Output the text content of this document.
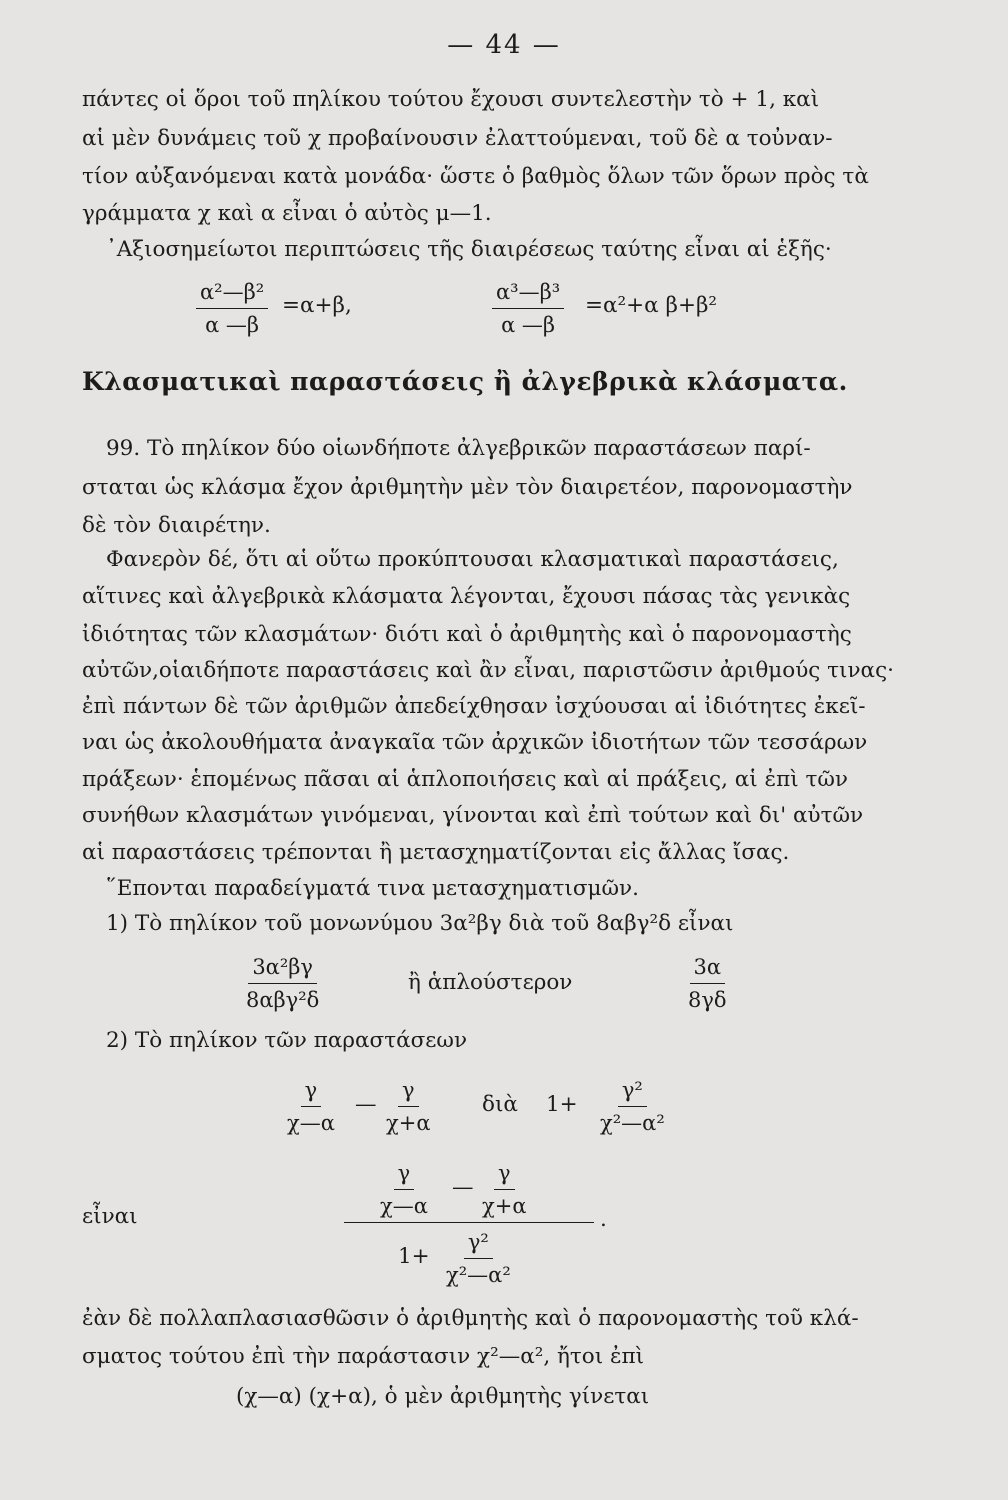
— 44 —
πάντες οἱ ὅροι τοῦ πηλίκου τούτου ἔχουσι συντελεστὴν τὸ + 1, καὶ
αἱ μὲν δυνάμεις τοῦ χ προβαίνουσιν ἐλαττούμεναι, τοῦ δὲ α τοὐναν-
τίον αὐξανόμεναι κατὰ μονάδα· ὥστε ὁ βαθμὸς ὅλων τῶν ὅρων πρὸς τὰ
γράμματα χ καὶ α εἶναι ὁ αὐτὸς μ—1.
᾿Αξιοσημείωτοι περιπτώσεις τῆς διαιρέσεως ταύτης εἶναι αἱ ἑξῆς·
$\frac{\text{α²—β²}}{\alpha —\beta} =\alpha+\beta$,	$\frac{\text{α³—β³}}{\alpha —\beta} =\alpha^2+\alpha$ β+β²
Κλασματικαὶ παραστάσεις ἢ ἀλγεβρικὰ κλάσματα.
99. Τὸ πηλίκον δύο οἱωνδήποτε ἀλγεβρικῶν παραστάσεων παρί-
σταται ὡς κλάσμα ἔχον ἀριθμητὴν μὲν τὸν διαιρετέον, παρονομαστὴν
δὲ τὸν διαιρέτην.
Φανερὸν δέ, ὅτι αἱ οὕτω προκύπτουσαι κλασματικαὶ παραστάσεις,
αἵτινες καὶ ἀλγεβρικὰ κλάσματα λέγονται, ἔχουσι πάσας τὰς γενικὰς
ἰδιότητας τῶν κλασμάτων· διότι καὶ ὁ ἀριθμητὴς καὶ ὁ παρονομαστὴς
αὐτῶν,οἱαιδήποτε παραστάσεις καὶ ἂν εἶναι, παριστῶσιν ἀριθμούς τινας·
ἐπὶ πάντων δὲ τῶν ἀριθμῶν ἀπεδείχθησαν ἰσχύουσαι αἱ ἰδιότητες ἐκεῖ-
ναι ὡς ἀκολουθήματα ἀναγκαῖα τῶν ἀρχικῶν ἰδιοτήτων τῶν τεσσάρων
πράξεων· ἑπομένως πᾶσαι αἱ ἁπλοποιήσεις καὶ αἱ πράξεις, αἱ ἐπὶ τῶν
συνήθων κλασμάτων γινόμεναι, γίνονται καὶ ἐπὶ τούτων καὶ δι' αὐτῶν
αἱ παραστάσεις τρέπονται ἢ μετασχηματίζονται εἰς ἄλλας ἴσας.
῞Επονται παραδείγματά τινα μετασχηματισμῶν.
1) Τὸ πηλίκον τοῦ μονωνύμου 3α²βγ διὰ τοῦ 8αβγ²δ εἶναι
3α²βγ
8αβγ²δ
ἢ ἁπλούστερον	$\frac{3\alpha}{8\gamma\delta}$
2) Τὸ πηλίκον τῶν παραστάσεων
$\frac{\gamma}{\chi—\alpha}$ — $\frac{\gamma}{\chi+\alpha}$ διὰ $1+ \frac{\text{γ²}}{\text{χ²—α²}}$
εἶναι	$\frac{\gamma}{\chi—\alpha}$ — $\frac{\gamma}{\chi+\alpha}$	.
$1+ \frac{\text{γ²}}{\text{χ²—α²}}$
ἐὰν δὲ πολλαπλασιασθῶσιν ὁ ἀριθμητὴς καὶ ὁ παρονομαστὴς τοῦ κλά-
σματος τούτου ἐπὶ τὴν παράστασιν χ²—α², ἤτοι ἐπὶ
(χ—α) (χ+α), ὁ μὲν ἀριθμητὴς γίνεται
